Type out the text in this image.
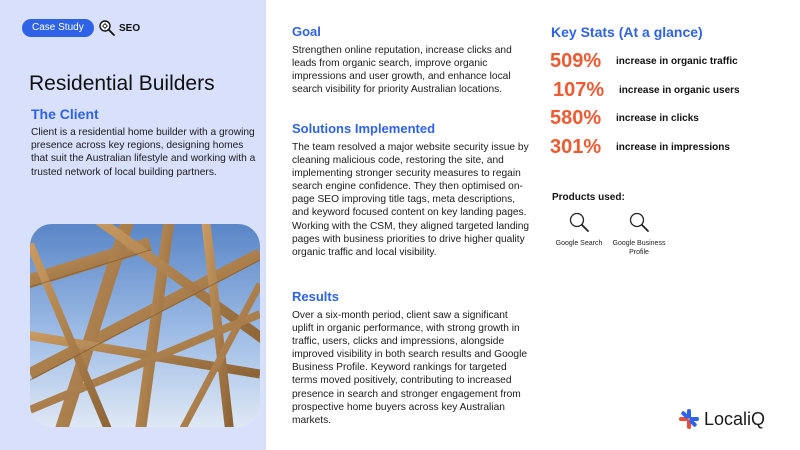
Case Study	SEO
Residential Builders
The Client
Client is a residential home builder with a growing presence across key regions, designing homes that suit the Australian lifestyle and working with a trusted network of local building partners.
Goal
Strengthen online reputation, increase clicks and leads from organic search, improve organic impressions and user growth, and enhance local search visibility for priority Australian locations.
Solutions Implemented
The team resolved a major website security issue by cleaning malicious code, restoring the site, and implementing stronger security measures to regain search engine confidence. They then optimised on-page SEO improving title tags, meta descriptions, and keyword focused content on key landing pages. Working with the CSM, they aligned targeted landing pages with business priorities to drive higher quality organic traffic and local visibility.
Results
Over a six-month period, client saw a significant uplift in organic performance, with strong growth in traffic, users, clicks and impressions, alongside improved visibility in both search results and Google Business Profile. Keyword rankings for targeted terms moved positively, contributing to increased presence in search and stronger engagement from prospective home buyers across key Australian markets.
Key Stats (At a glance)
509%	increase in organic traffic
107%	increase in organic users
580%	increase in clicks
301%	increase in impressions
Products used:
Google Search	Google Business Profile
LocaliQ
